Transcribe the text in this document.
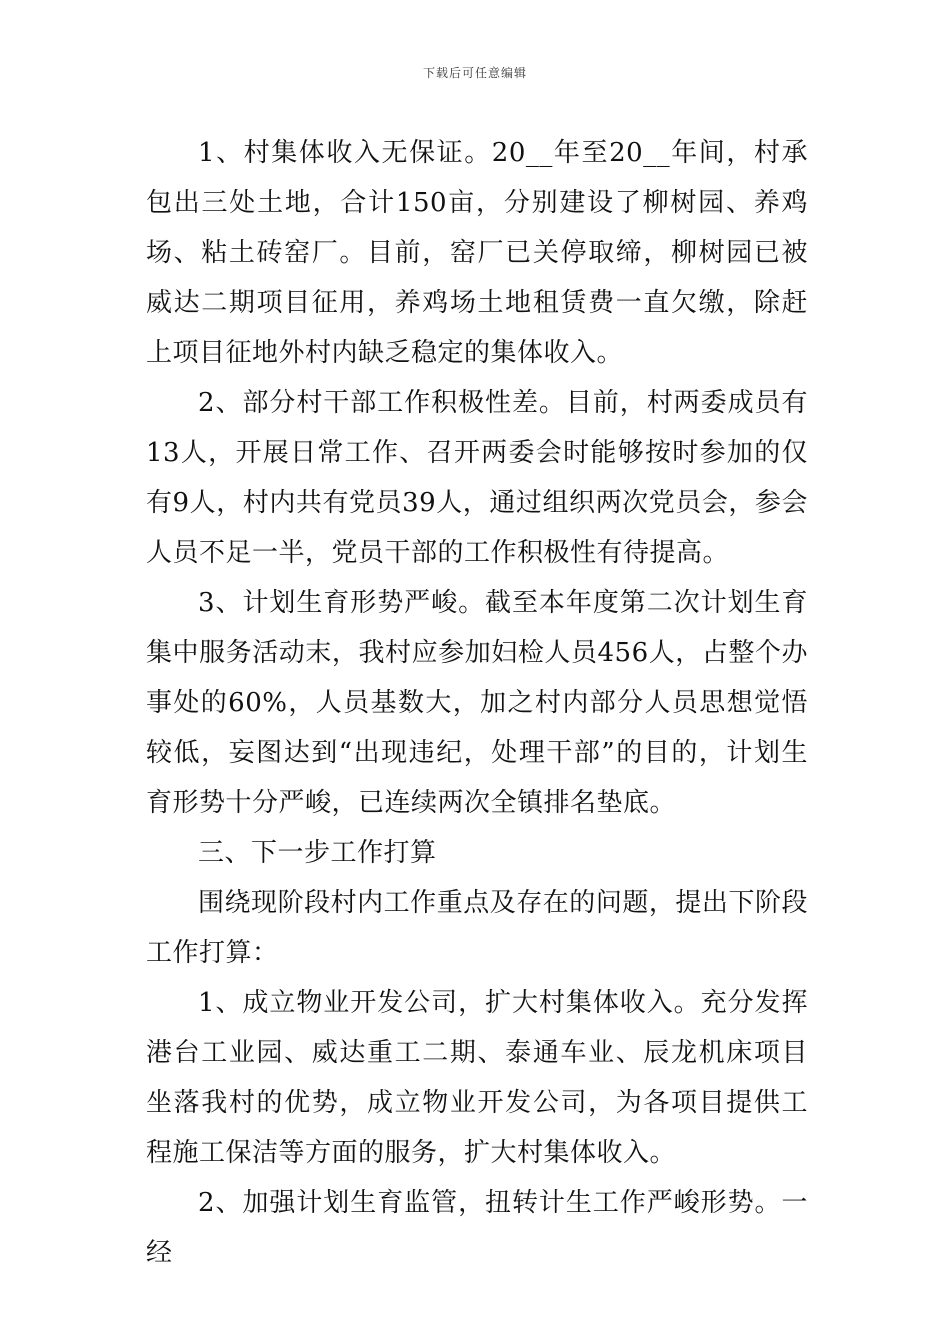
下载后可任意编辑

1、村集体收入无保证。20__年至20__年间，村承包出三处土地，合计150亩，分别建设了柳树园、养鸡场、粘土砖窑厂。目前，窑厂已关停取缔，柳树园已被威达二期项目征用，养鸡场土地租赁费一直欠缴，除赶上项目征地外村内缺乏稳定的集体收入。

2、部分村干部工作积极性差。目前，村两委成员有13人，开展日常工作、召开两委会时能够按时参加的仅有9人，村内共有党员39人，通过组织两次党员会，参会人员不足一半，党员干部的工作积极性有待提高。

3、计划生育形势严峻。截至本年度第二次计划生育集中服务活动末，我村应参加妇检人员456人，占整个办事处的60%，人员基数大，加之村内部分人员思想觉悟较低，妄图达到“出现违纪，处理干部”的目的，计划生育形势十分严峻，已连续两次全镇排名垫底。

三、下一步工作打算

围绕现阶段村内工作重点及存在的问题，提出下阶段工作打算：

1、成立物业开发公司，扩大村集体收入。充分发挥港台工业园、威达重工二期、泰通车业、辰龙机床项目坐落我村的优势，成立物业开发公司，为各项目提供工程施工保洁等方面的服务，扩大村集体收入。

2、加强计划生育监管，扭转计生工作严峻形势。一经
